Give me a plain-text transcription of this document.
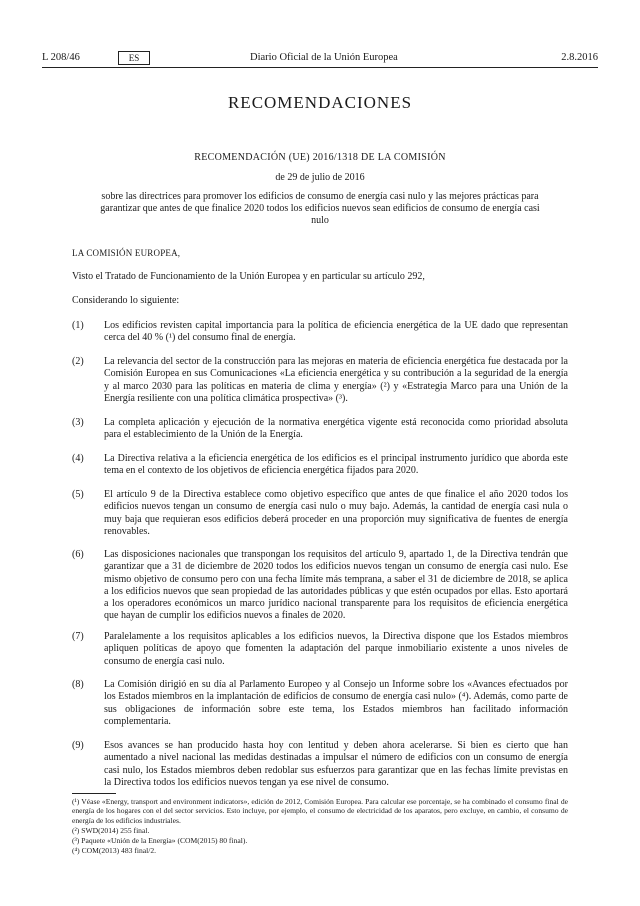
L 208/46	ES	Diario Oficial de la Unión Europea	2.8.2016
RECOMENDACIONES
RECOMENDACIÓN (UE) 2016/1318 DE LA COMISIÓN
de 29 de julio de 2016
sobre las directrices para promover los edificios de consumo de energía casi nulo y las mejores prácticas para garantizar que antes de que finalice 2020 todos los edificios nuevos sean edificios de consumo de energía casi nulo
LA COMISIÓN EUROPEA,
Visto el Tratado de Funcionamiento de la Unión Europea y en particular su artículo 292,
Considerando lo siguiente:
(1) Los edificios revisten capital importancia para la política de eficiencia energética de la UE dado que representan cerca del 40 % (¹) del consumo final de energía.
(2) La relevancia del sector de la construcción para las mejoras en materia de eficiencia energética fue destacada por la Comisión Europea en sus Comunicaciones «La eficiencia energética y su contribución a la seguridad de la energía y al marco 2030 para las políticas en materia de clima y energía» (²) y «Estrategia Marco para una Unión de la Energía resiliente con una política climática prospectiva» (³).
(3) La completa aplicación y ejecución de la normativa energética vigente está reconocida como prioridad absoluta para el establecimiento de la Unión de la Energía.
(4) La Directiva relativa a la eficiencia energética de los edificios es el principal instrumento jurídico que aborda este tema en el contexto de los objetivos de eficiencia energética fijados para 2020.
(5) El artículo 9 de la Directiva establece como objetivo específico que antes de que finalice el año 2020 todos los edificios nuevos tengan un consumo de energía casi nulo o muy bajo. Además, la cantidad de energía casi nula o muy baja que requieran esos edificios deberá proceder en una proporción muy significativa de fuentes de energía renovables.
(6) Las disposiciones nacionales que transpongan los requisitos del artículo 9, apartado 1, de la Directiva tendrán que garantizar que a 31 de diciembre de 2020 todos los edificios nuevos tengan un consumo de energía casi nulo. Ese mismo objetivo de consumo pero con una fecha límite más temprana, a saber el 31 de diciembre de 2018, se aplica a los edificios nuevos que sean propiedad de las autoridades públicas y que estén ocupados por ellas. Esto aportará a los operadores económicos un marco jurídico nacional transparente para los requisitos de eficiencia energética que hayan de cumplir los edificios nuevos a finales de 2020.
(7) Paralelamente a los requisitos aplicables a los edificios nuevos, la Directiva dispone que los Estados miembros apliquen políticas de apoyo que fomenten la adaptación del parque inmobiliario existente a unos niveles de consumo de energía casi nulo.
(8) La Comisión dirigió en su día al Parlamento Europeo y al Consejo un Informe sobre los «Avances efectuados por los Estados miembros en la implantación de edificios de consumo de energía casi nulo» (⁴). Además, como parte de sus obligaciones de información sobre este tema, los Estados miembros han facilitado información complementaria.
(9) Esos avances se han producido hasta hoy con lentitud y deben ahora acelerarse. Si bien es cierto que han aumentado a nivel nacional las medidas destinadas a impulsar el número de edificios con un consumo de energía casi nulo, los Estados miembros deben redoblar sus esfuerzos para garantizar que en las fechas límite previstas en la Directiva todos los edificios nuevos tengan ya ese nivel de consumo.
(¹) Véase «Energy, transport and environment indicators», edición de 2012, Comisión Europea. Para calcular ese porcentaje, se ha combinado el consumo final de energía de los hogares con el del sector servicios. Esto incluye, por ejemplo, el consumo de electricidad de los aparatos, pero excluye, en cambio, el consumo de energía de los edificios industriales.
(²) SWD(2014) 255 final.
(³) Paquete «Unión de la Energía» (COM(2015) 80 final).
(⁴) COM(2013) 483 final/2.
